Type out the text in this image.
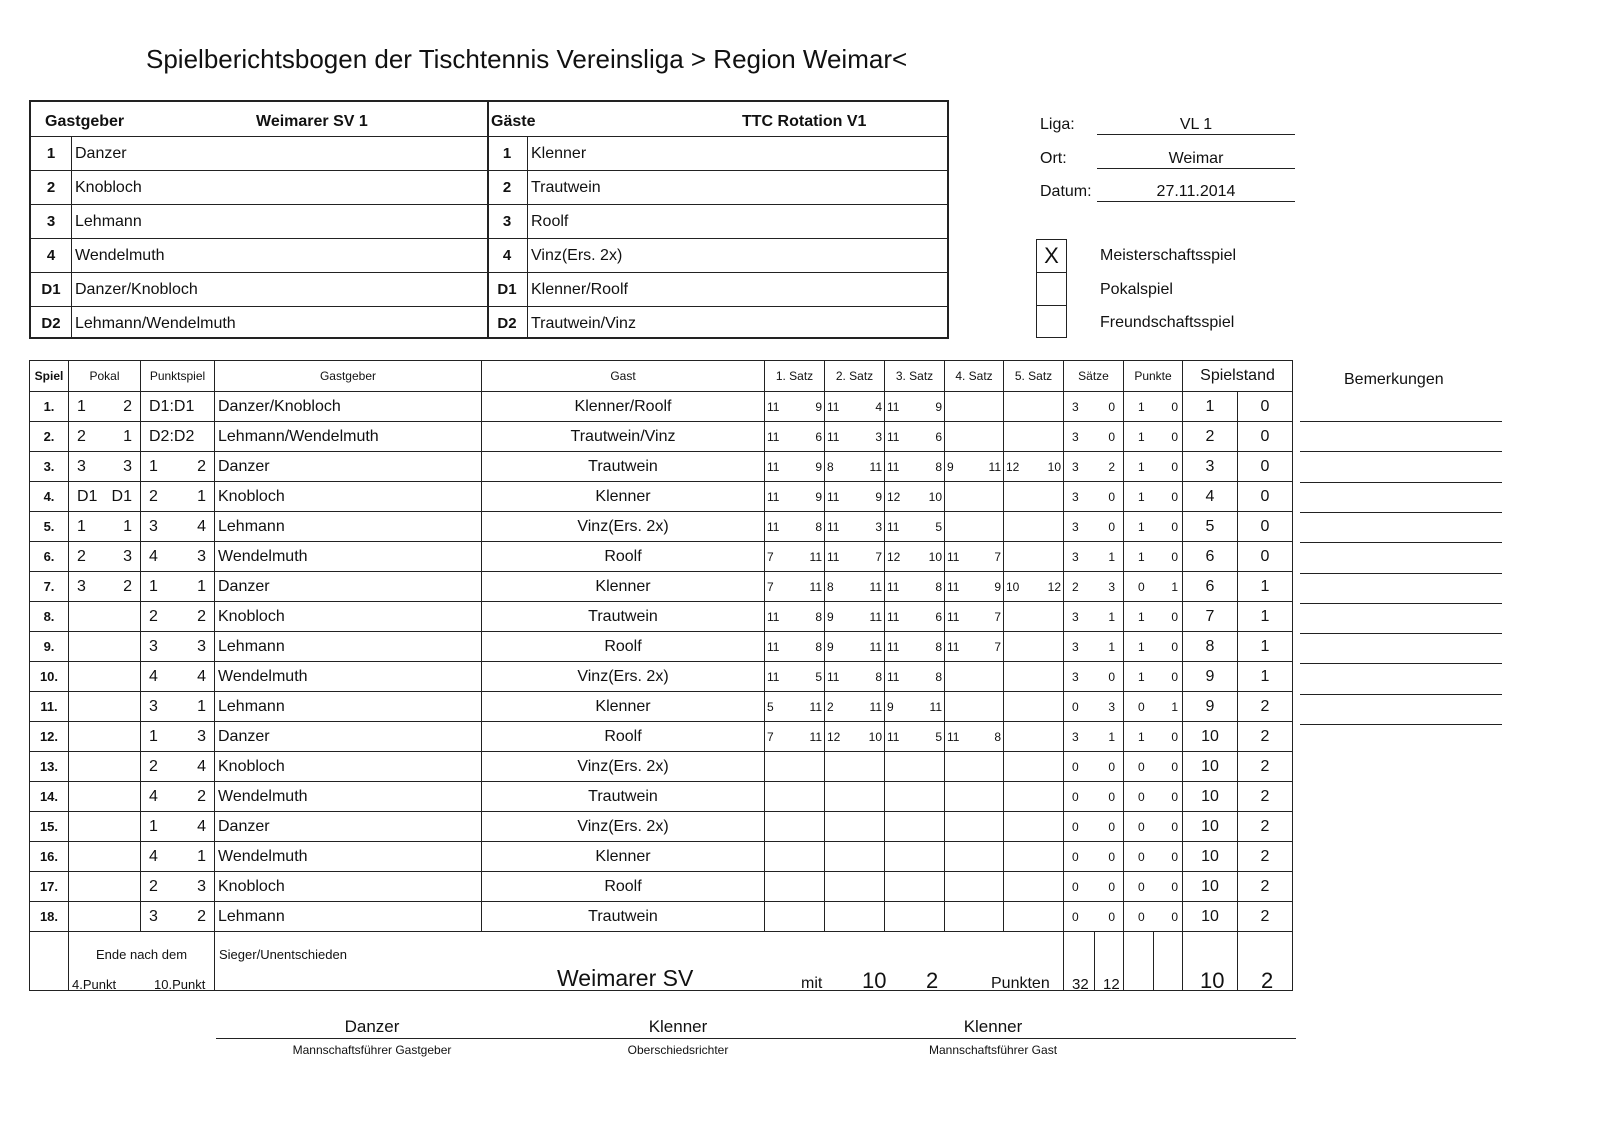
Spielberichtsbogen der Tischtennis Vereinsliga > Region Weimar<
Gastgeber	Weimarer SV 1	Gäste	TTC Rotation V1
1	Danzer	1	Klenner
2	Knobloch	2	Trautwein
3	Lehmann	3	Roolf
4	Wendelmuth	4	Vinz(Ers. 2x)
D1 Danzer/Knobloch	D1 Klenner/Roolf
D2 Lehmann/Wendelmuth	D2 Trautwein/Vinz
Liga:	VL 1
Ort:	Weimar
Datum:	27.11.2014
X	Meisterschaftsspiel
Pokalspiel
Freundschaftsspiel
Spiel	Pokal	Punktspiel	Gastgeber	Gast	1. Satz	2. Satz	3. Satz	4. Satz	5. Satz	Sätze	Punkte	Spielstand	
1.	1 2	D1:D1	Danzer/Knobloch	Klenner/Roolf	11 9	11 4	11 9			3 0	1 0	1	0
2.	2 1	D2:D2	Lehmann/Wendelmuth	Trautwein/Vinz	11 6	11 3	11 6			3 0	1 0	2	0
3.	3 3	1 2	Danzer	Trautwein	11 9	8 11	11 8	9 11	12 10	3 2	1 0	3	0
4.	D1 D1	2 1	Knobloch	Klenner	11 9	11 9	12 10			3 0	1 0	4	0
5.	1 1	3 4	Lehmann	Vinz(Ers. 2x)	11 8	11 3	11 5			3 0	1 0	5	0
6.	2 3	4 3	Wendelmuth	Roolf	7 11	11 7	12 10	11 7		3 1	1 0	6	0
7.	3 2	1 1	Danzer	Klenner	7 11	8 11	11 8	11 9	10 12	2 3	0 1	6	1
8.		2 2	Knobloch	Trautwein	11 8	9 11	11 6	11 7		3 1	1 0	7	1
9.		3 3	Lehmann	Roolf	11 8	9 11	11 8	11 7		3 1	1 0	8	1
10.		4 4	Wendelmuth	Vinz(Ers. 2x)	11 5	11 8	11 8			3 0	1 0	9	1
11.		3 1	Lehmann	Klenner	5 11	2 11	9 11			0 3	0 1	9	2
12.		1 3	Danzer	Roolf	7 11	12 10	11 5	11 8		3 1	1 0	10	2
13.		2 4	Knobloch	Vinz(Ers. 2x)						0 0	0 0	10	2
14.		4 2	Wendelmuth	Trautwein						0 0	0 0	10	2
15.		1 4	Danzer	Vinz(Ers. 2x)						0 0	0 0	10	2
16.		4 1	Wendelmuth	Klenner						0 0	0 0	10	2
17.		2 3	Knobloch	Roolf						0 0	0 0	10	2
18.		3 2	Lehmann	Trautwein						0 0	0 0	10	2

Bemerkungen
Ende nach dem
4.Punkt	10.Punkt
Sieger/Unentschieden
Weimarer SV	mit 10 2	Punkten 32 12	10 2
Danzer
Mannschaftsführer Gastgeber
Klenner
Oberschiedsrichter
Klenner
Mannschaftsführer Gast
